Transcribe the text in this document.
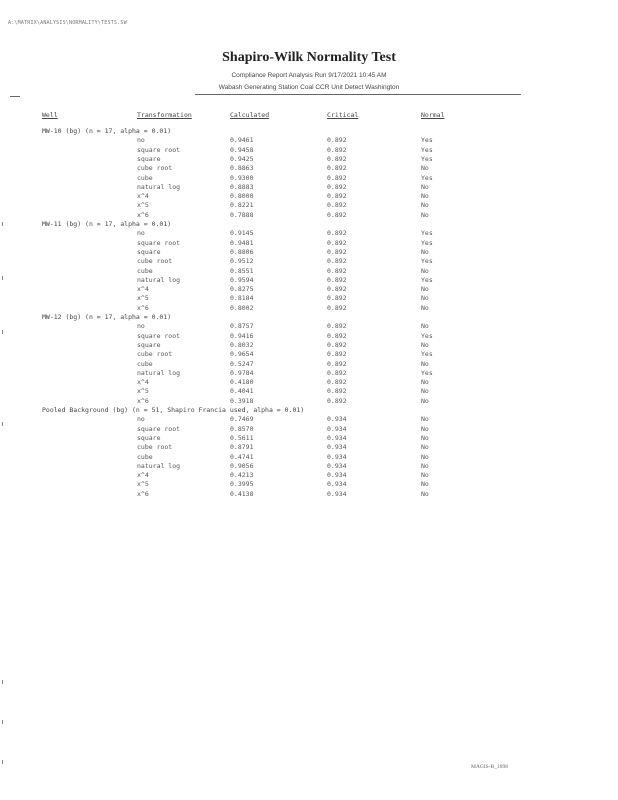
A:\MATRIX\ANALYSIS\NORMALITY\TESTS.SW
Shapiro-Wilk Normality Test
Compliance Report Analysis Run 9/17/2021 10:45 AM
Wabash Generating Station Coal CCR Unit Detect Washington
Well	Transformation	Calculated	Critical	Normal
MW-10 (bg) (n = 17, alpha = 0.01)
no	0.9461	0.892	Yes
square root	0.9458	0.892	Yes
square	0.9425	0.892	Yes
cube root	0.8863	0.892	No
cube	0.9300	0.892	Yes
natural log	0.8883	0.892	No
x^4	0.8000	0.892	No
x^5	0.8221	0.892	No
x^6	0.7888	0.892	No
MW-11 (bg) (n = 17, alpha = 0.01)
no	0.9145	0.892	Yes
square root	0.9481	0.892	Yes
square	0.8806	0.892	No
cube root	0.9512	0.892	Yes
cube	0.8551	0.892	No
natural log	0.9594	0.892	Yes
x^4	0.8275	0.892	No
x^5	0.8184	0.892	No
x^6	0.8002	0.892	No
MW-12 (bg) (n = 17, alpha = 0.01)
no	0.8757	0.892	No
square root	0.9416	0.892	Yes
square	0.8032	0.892	No
cube root	0.9654	0.892	Yes
cube	0.5247	0.892	No
natural log	0.9784	0.892	Yes
x^4	0.4180	0.892	No
x^5	0.4041	0.892	No
x^6	0.3918	0.892	No
Pooled Background (bg) (n = 51, Shapiro Francia used, alpha = 0.01)
no	0.7469	0.934	No
square root	0.8570	0.934	No
square	0.5611	0.934	No
cube root	0.8791	0.934	No
cube	0.4741	0.934	No
natural log	0.9056	0.934	No
x^4	0.4213	0.934	No
x^5	0.3995	0.934	No
x^6	0.4138	0.934	No
MAGIS-B_1898
